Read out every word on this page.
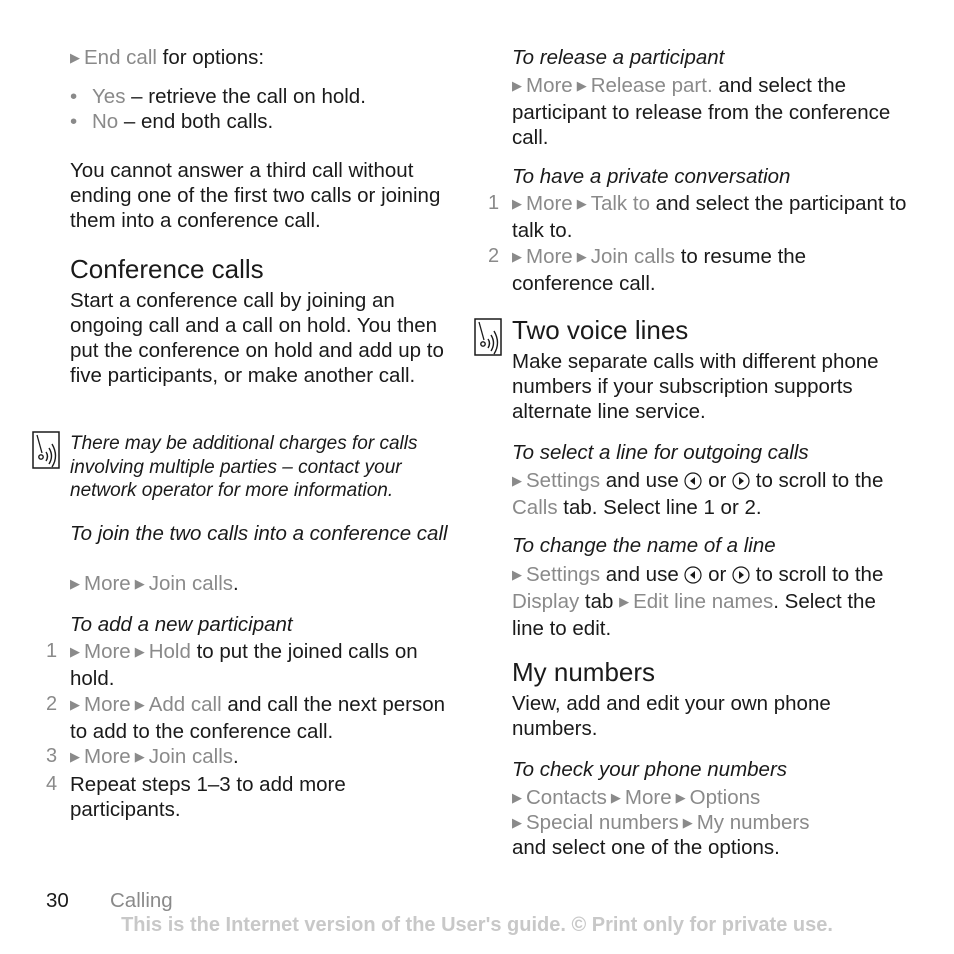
▶ End call for options:

• Yes – retrieve the call on hold.

• No – end both calls.

You cannot answer a third call without ending one of the first two calls or joining them into a conference call.

Conference calls

Start a conference call by joining an ongoing call and a call on hold. You then put the conference on hold and add up to five participants, or make another call.

There may be additional charges for calls involving multiple parties – contact your network operator for more information.

To join the two calls into a conference call

▶ More ▶ Join calls.

To add a new participant

1 ▶ More ▶ Hold to put the joined calls on hold.

2 ▶ More ▶ Add call and call the next person to add to the conference call.

3 ▶ More ▶ Join calls.

4 Repeat steps 1–3 to add more participants.

To release a participant

▶ More ▶ Release part. and select the participant to release from the conference call.

To have a private conversation

1 ▶ More ▶ Talk to and select the participant to talk to.

2 ▶ More ▶ Join calls to resume the conference call.

Two voice lines

Make separate calls with different phone numbers if your subscription supports alternate line service.

To select a line for outgoing calls

▶ Settings and use  or  to scroll to the Calls tab. Select line 1 or 2.

To change the name of a line

▶ Settings and use  or  to scroll to the Display tab ▶ Edit line names. Select the line to edit.

My numbers

View, add and edit your own phone numbers.

To check your phone numbers

▶ Contacts ▶ More ▶ Options

▶ Special numbers ▶ My numbers

and select one of the options.

30 Calling
This is the Internet version of the User's guide. © Print only for private use.
